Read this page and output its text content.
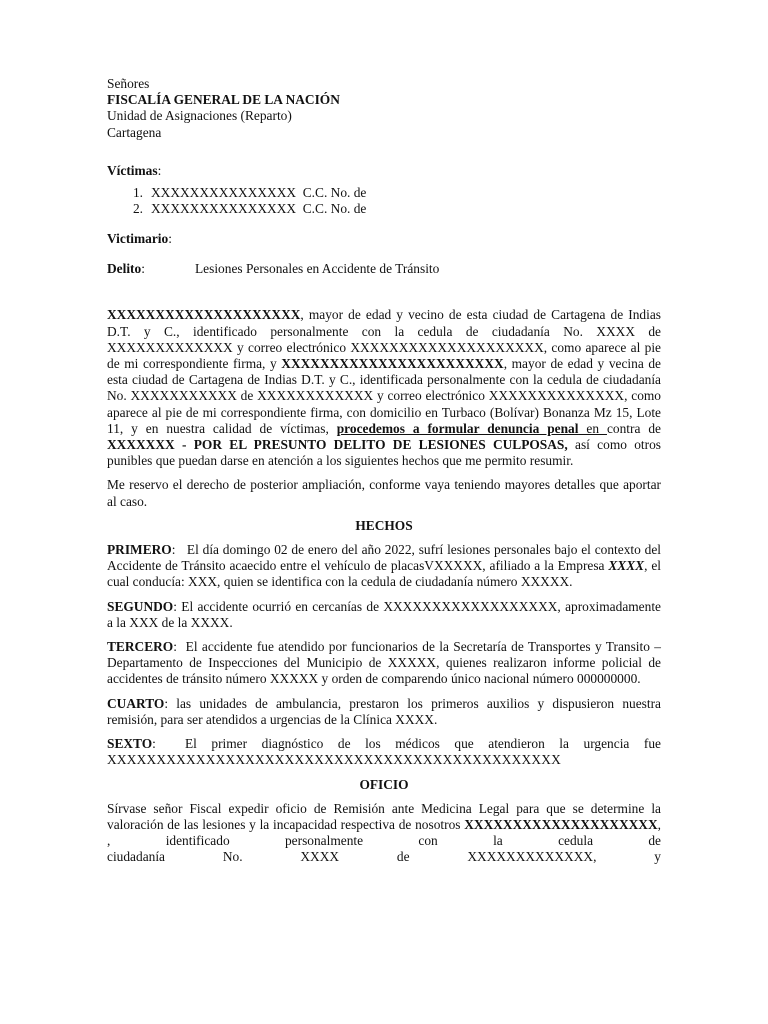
Señores
FISCALÍA GENERAL DE LA NACIÓN
Unidad de Asignaciones (Reparto)
Cartagena
Víctimas:
1. XXXXXXXXXXXXXXX  C.C. No. de
2. XXXXXXXXXXXXXXX  C.C. No. de
Victimario:
Delito:	Lesiones Personales en Accidente de Tránsito

XXXXXXXXXXXXXXXXXXXX, mayor de edad y vecino de esta ciudad de Cartagena de Indias D.T. y C., identificado personalmente con la cedula de ciudadanía No. XXXX de XXXXXXXXXXXXX y correo electrónico XXXXXXXXXXXXXXXXXXXX, como aparece al pie de mi correspondiente firma, y XXXXXXXXXXXXXXXXXXXXXXX, mayor de edad y vecina de esta ciudad de Cartagena de Indias D.T. y C., identificada personalmente con la cedula de ciudadanía No. XXXXXXXXXXX de XXXXXXXXXXXX y correo electrónico XXXXXXXXXXXXXX, como aparece al pie de mi correspondiente firma, con domicilio en Turbaco (Bolívar) Bonanza Mz 15, Lote 11, y en nuestra calidad de víctimas, procedemos a formular denuncia penal en contra de XXXXXXX - POR EL PRESUNTO DELITO DE LESIONES CULPOSAS, así como otros punibles que puedan darse en atención a los siguientes hechos que me permito resumir.

Me reservo el derecho de posterior ampliación, conforme vaya teniendo mayores detalles que aportar al caso.

HECHOS

PRIMERO:   El día domingo 02 de enero del año 2022, sufrí lesiones personales bajo el contexto del Accidente de Tránsito acaecido entre el vehículo de placasVXXXXX, afiliado a la Empresa XXXX, el cual conducía: XXX, quien se identifica con la cedula de ciudadanía número XXXXX.

SEGUNDO: El accidente ocurrió en cercanías de XXXXXXXXXXXXXXXXXX, aproximadamente a la XXX de la XXXX.

TERCERO:  El accidente fue atendido por funcionarios de la Secretaría de Transportes y Transito – Departamento de Inspecciones del Municipio de XXXXX, quienes realizaron informe policial de accidentes de tránsito número XXXXX y orden de comparendo único nacional número 000000000.

CUARTO: las unidades de ambulancia, prestaron los primeros auxilios y dispusieron nuestra remisión, para ser atendidos a urgencias de la Clínica XXXX.

SEXTO:  El primer diagnóstico de los médicos que atendieron la urgencia fue

XXXXXXXXXXXXXXXXXXXXXXXXXXXXXXXXXXXXXXXXXXXXXX

OFICIO

Sírvase señor Fiscal expedir oficio de Remisión ante Medicina Legal para que se determine la valoración de las lesiones y la incapacidad respectiva de nosotros XXXXXXXXXXXXXXXXXXXX, , identificado personalmente con la cedula de

ciudadanía	No.	XXXX	de	XXXXXXXXXXXXX,	y
